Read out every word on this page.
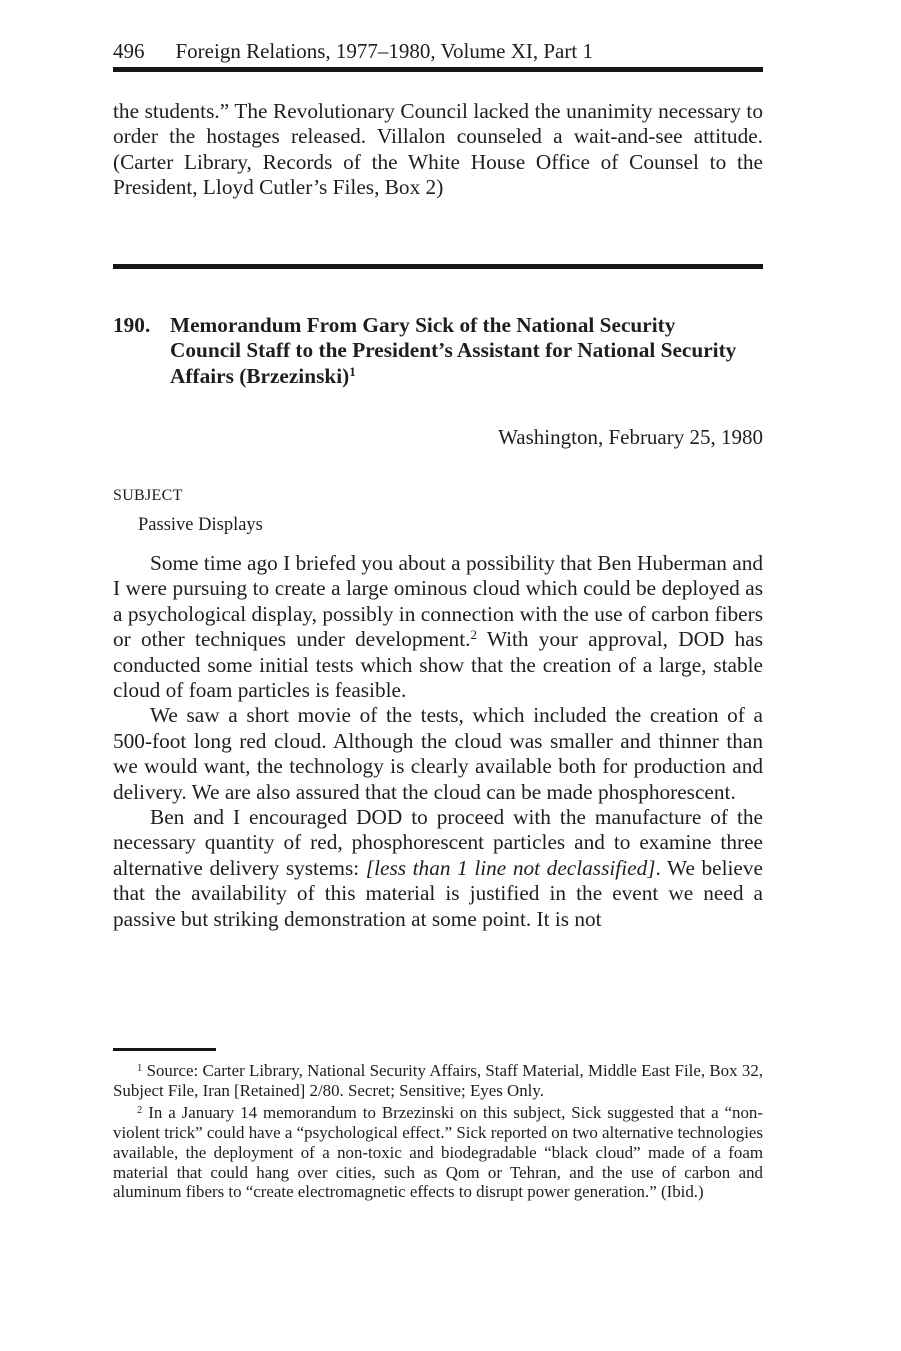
496 Foreign Relations, 1977–1980, Volume XI, Part 1
the students.” The Revolutionary Council lacked the unanimity necessary to order the hostages released. Villalon counseled a wait-and-see attitude. (Carter Library, Records of the White House Office of Counsel to the President, Lloyd Cutler’s Files, Box 2)
190. Memorandum From Gary Sick of the National Security Council Staff to the President’s Assistant for National Security Affairs (Brzezinski)1
Washington, February 25, 1980
SUBJECT
Passive Displays

Some time ago I briefed you about a possibility that Ben Huberman and I were pursuing to create a large ominous cloud which could be deployed as a psychological display, possibly in connection with the use of carbon fibers or other techniques under development.2 With your approval, DOD has conducted some initial tests which show that the creation of a large, stable cloud of foam particles is feasible.

We saw a short movie of the tests, which included the creation of a 500-foot long red cloud. Although the cloud was smaller and thinner than we would want, the technology is clearly available both for production and delivery. We are also assured that the cloud can be made phosphorescent.

Ben and I encouraged DOD to proceed with the manufacture of the necessary quantity of red, phosphorescent particles and to examine three alternative delivery systems: [less than 1 line not declassified]. We believe that the availability of this material is justified in the event we need a passive but striking demonstration at some point. It is not

1 Source: Carter Library, National Security Affairs, Staff Material, Middle East File, Box 32, Subject File, Iran [Retained] 2/80. Secret; Sensitive; Eyes Only.

2 In a January 14 memorandum to Brzezinski on this subject, Sick suggested that a “non-violent trick” could have a “psychological effect.” Sick reported on two alternative technologies available, the deployment of a non-toxic and biodegradable “black cloud” made of a foam material that could hang over cities, such as Qom or Tehran, and the use of carbon and aluminum fibers to “create electromagnetic effects to disrupt power generation.” (Ibid.)
